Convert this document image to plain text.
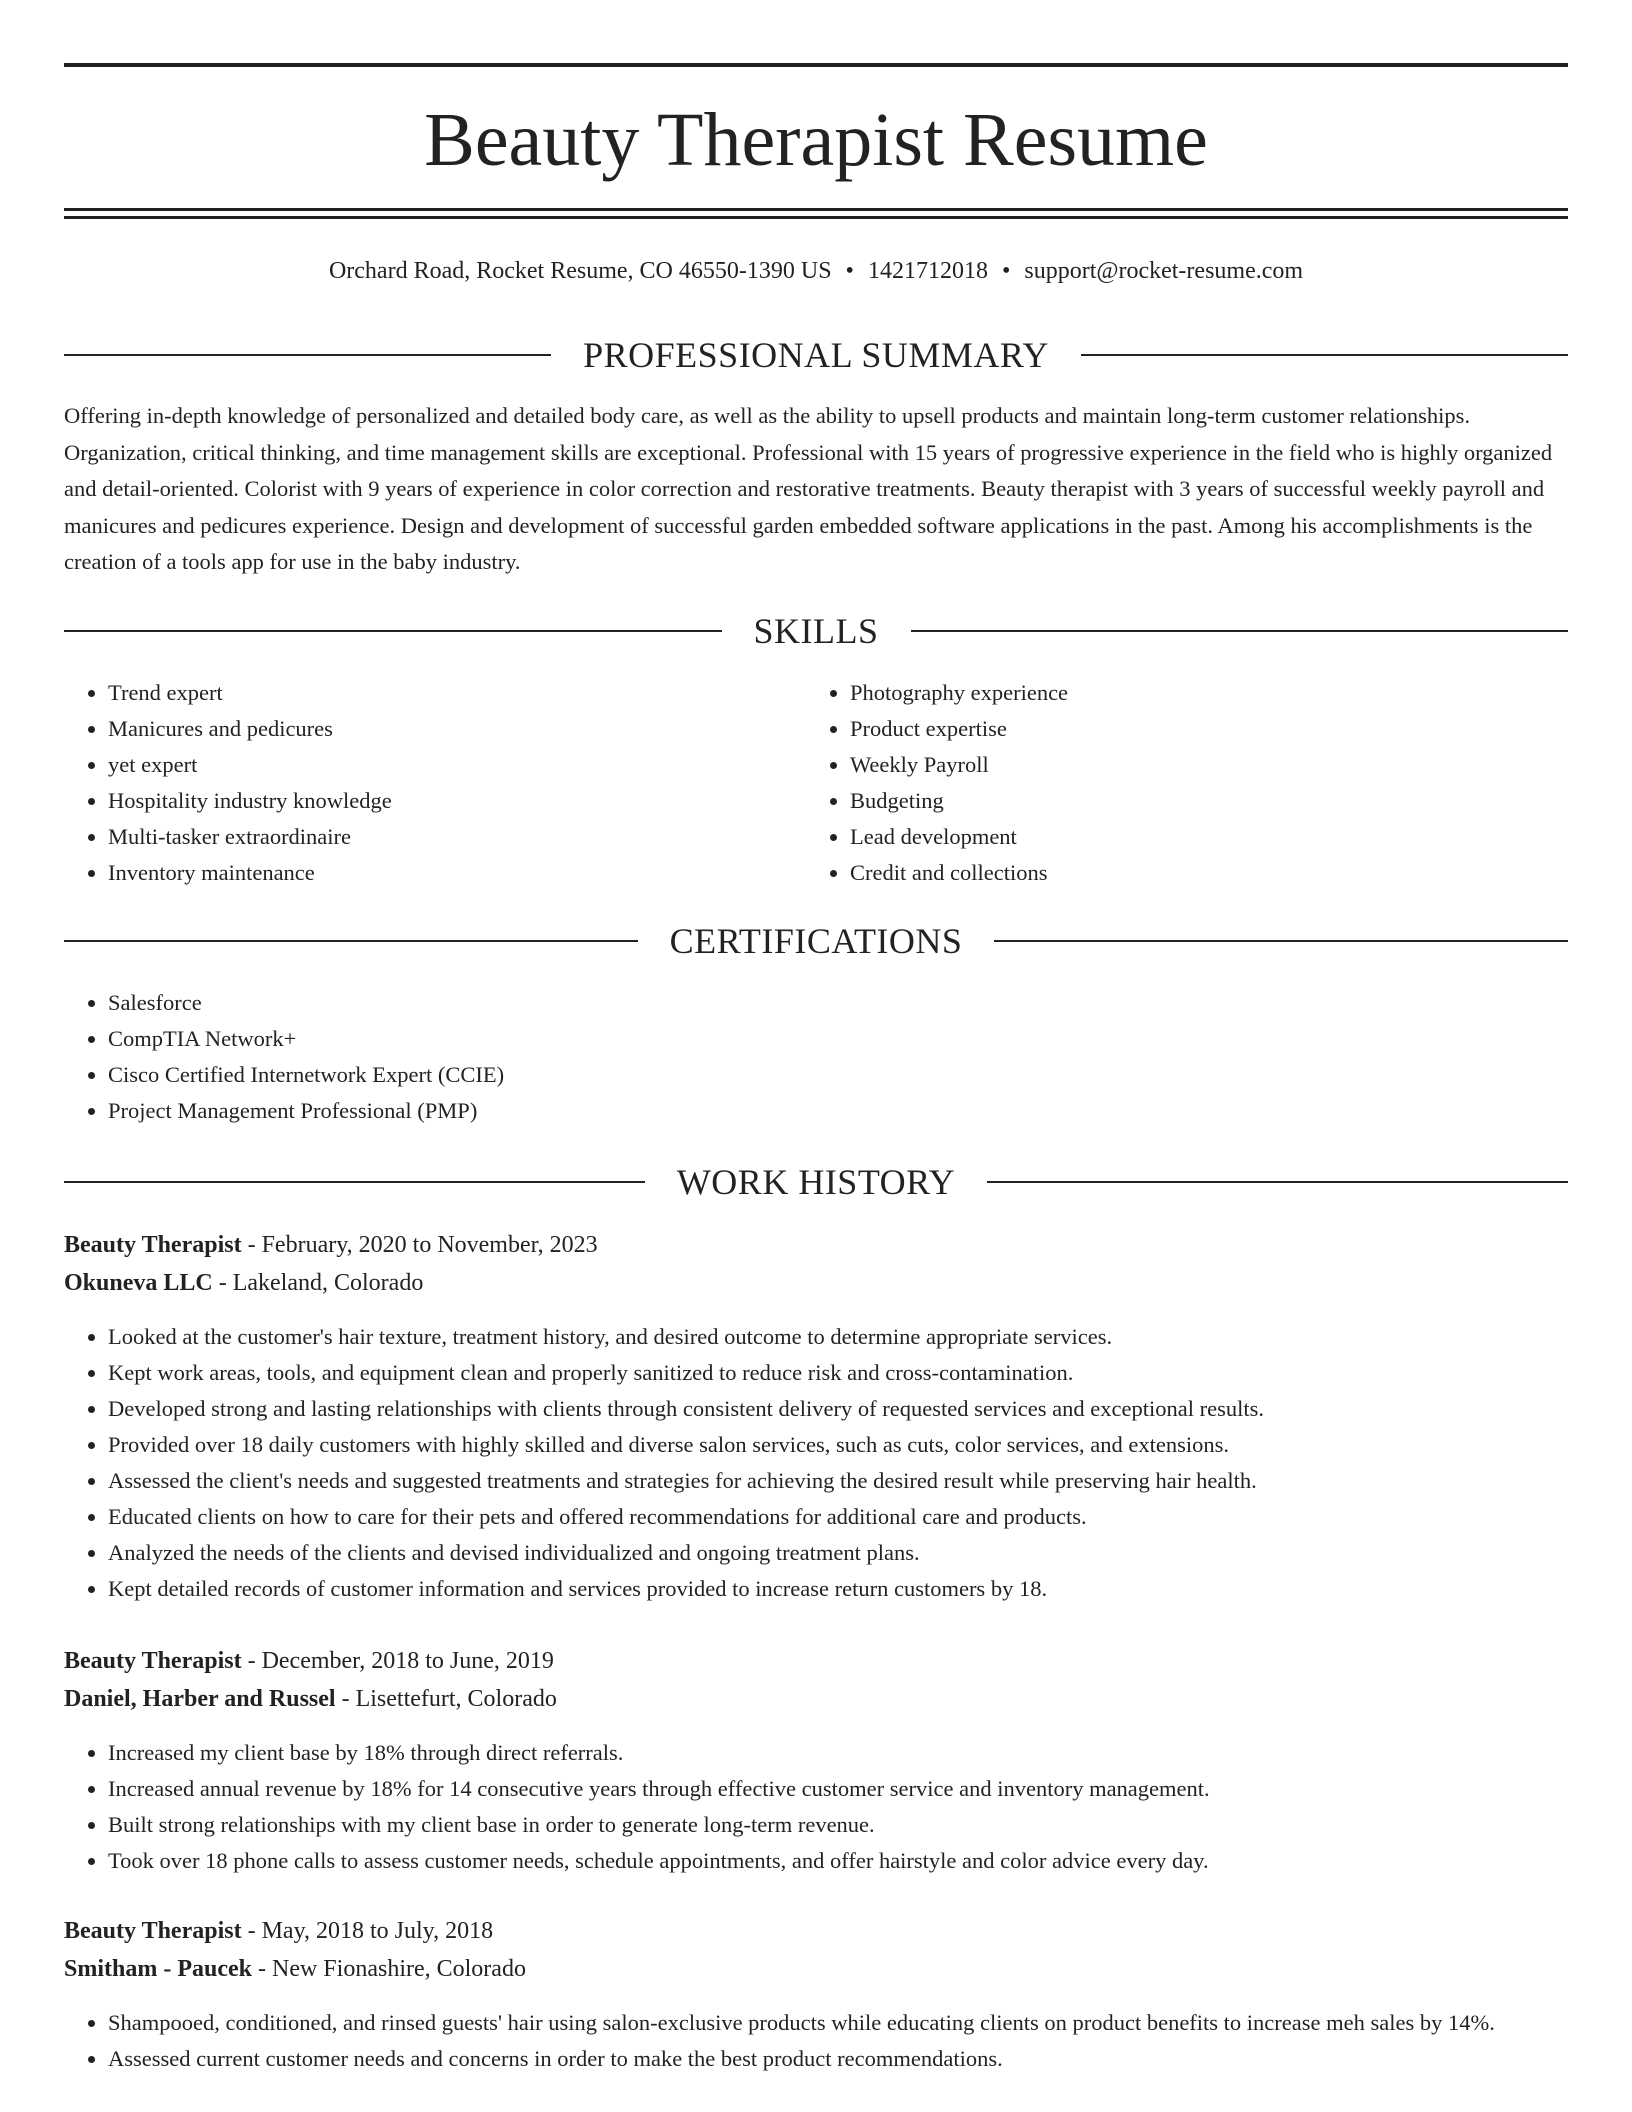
Beauty Therapist Resume
Orchard Road, Rocket Resume, CO 46550-1390 US • 1421712018 • support@rocket-resume.com
PROFESSIONAL SUMMARY

Offering in-depth knowledge of personalized and detailed body care, as well as the ability to upsell products and maintain long-term customer relationships. Organization, critical thinking, and time management skills are exceptional. Professional with 15 years of progressive experience in the field who is highly organized and detail-oriented. Colorist with 9 years of experience in color correction and restorative treatments. Beauty therapist with 3 years of successful weekly payroll and manicures and pedicures experience. Design and development of successful garden embedded software applications in the past. Among his accomplishments is the creation of a tools app for use in the baby industry.

SKILLS
• Trend expert
• Manicures and pedicures
• yet expert
• Hospitality industry knowledge
• Multi-tasker extraordinaire
• Inventory maintenance
• Photography experience
• Product expertise
• Weekly Payroll
• Budgeting
• Lead development
• Credit and collections
CERTIFICATIONS
• Salesforce
• CompTIA Network+
• Cisco Certified Internetwork Expert (CCIE)
• Project Management Professional (PMP)
WORK HISTORY
Beauty Therapist - February, 2020 to November, 2023
Okuneva LLC - Lakeland, Colorado
• Looked at the customer's hair texture, treatment history, and desired outcome to determine appropriate services.
• Kept work areas, tools, and equipment clean and properly sanitized to reduce risk and cross-contamination.
• Developed strong and lasting relationships with clients through consistent delivery of requested services and exceptional results.
• Provided over 18 daily customers with highly skilled and diverse salon services, such as cuts, color services, and extensions.
• Assessed the client's needs and suggested treatments and strategies for achieving the desired result while preserving hair health.
• Educated clients on how to care for their pets and offered recommendations for additional care and products.
• Analyzed the needs of the clients and devised individualized and ongoing treatment plans.
• Kept detailed records of customer information and services provided to increase return customers by 18.
Beauty Therapist - December, 2018 to June, 2019
Daniel, Harber and Russel - Lisettefurt, Colorado
• Increased my client base by 18% through direct referrals.
• Increased annual revenue by 18% for 14 consecutive years through effective customer service and inventory management.
• Built strong relationships with my client base in order to generate long-term revenue.
• Took over 18 phone calls to assess customer needs, schedule appointments, and offer hairstyle and color advice every day.
Beauty Therapist - May, 2018 to July, 2018
Smitham - Paucek - New Fionashire, Colorado
• Shampooed, conditioned, and rinsed guests' hair using salon-exclusive products while educating clients on product benefits to increase meh sales by 14%.
• Assessed current customer needs and concerns in order to make the best product recommendations.
